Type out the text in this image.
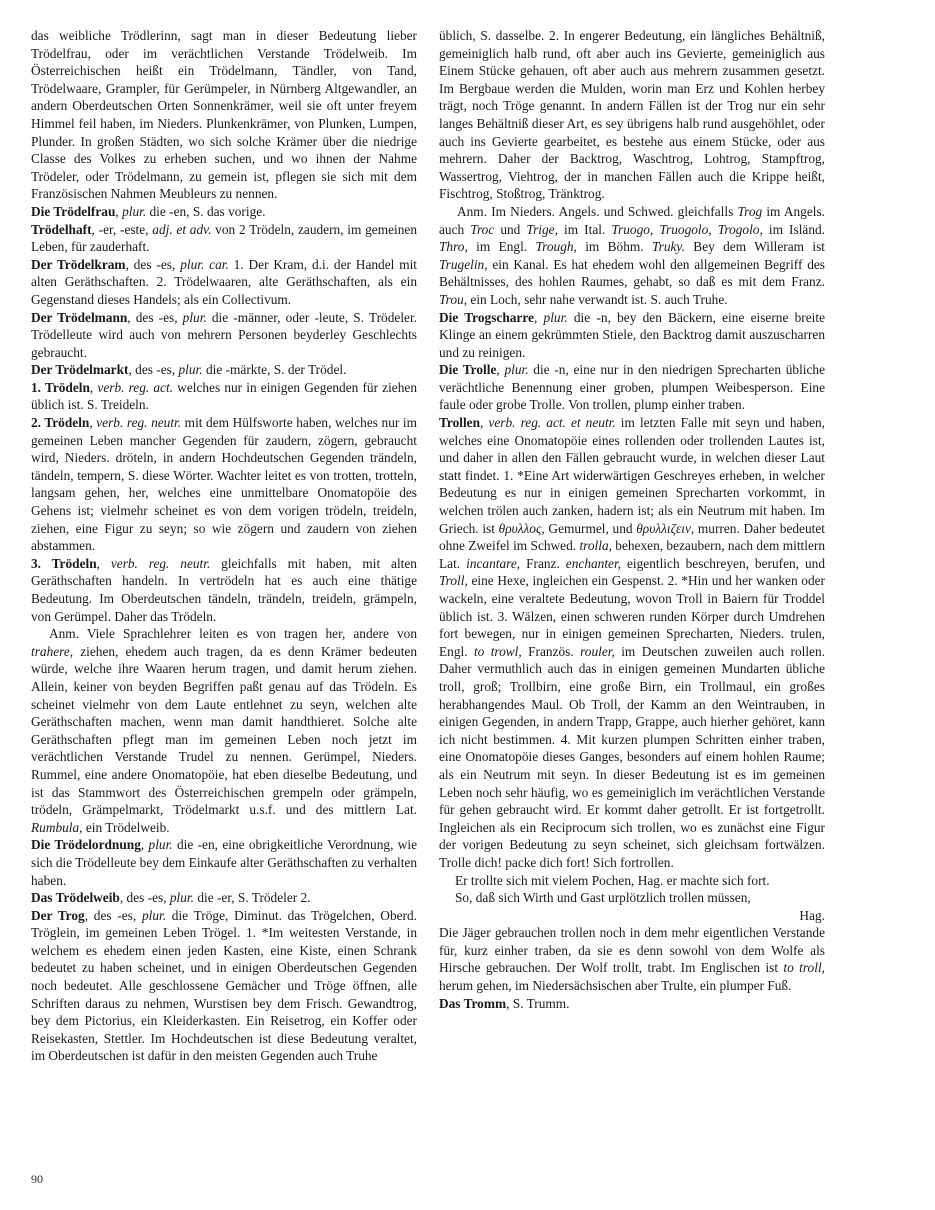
das weibliche Trödlerinn, sagt man in dieser Bedeutung lieber Trödelfrau, oder im verächtlichen Verstande Trödelweib. Im Österreichischen heißt ein Trödelmann, Tändler, von Tand, Trödelwaare, Grampler, für Gerümpeler, in Nürnberg Altgewandler, an andern Oberdeutschen Orten Sonnenkrämer, weil sie oft unter freyem Himmel feil haben, im Nieders. Plunkenkrämer, von Plunken, Lumpen, Plunder. In großen Städten, wo sich solche Krämer über die niedrige Classe des Volkes zu erheben suchen, und wo ihnen der Nahme Trödeler, oder Trödelmann, zu gemein ist, pflegen sie sich mit dem Französischen Nahmen Meubleurs zu nennen.

Die Trödelfrau, plur. die -en, S. das vorige.

Trödelhaft, -er, -este, adj. et adv. von 2 Trödeln, zaudern, im gemeinen Leben, für zauderhaft.

Der Trödelkram, des -es, plur. car. 1. Der Kram, d.i. der Handel mit alten Geräthschaften. 2. Trödelwaaren, alte Geräthschaften, als ein Gegenstand dieses Handels; als ein Collectivum.

Der Trödelmann, des -es, plur. die -männer, oder -leute, S. Trödeler. Trödelleute wird auch von mehrern Personen beyderley Geschlechts gebraucht.

Der Trödelmarkt, des -es, plur. die -märkte, S. der Trödel.

1. Trödeln, verb. reg. act. welches nur in einigen Gegenden für ziehen üblich ist. S. Treideln.

2. Trödeln, verb. reg. neutr. mit dem Hülfsworte haben, welches nur im gemeinen Leben mancher Gegenden für zaudern, zögern, gebraucht wird, Nieders. dröteln, in andern Hochdeutschen Gegenden trändeln, tändeln, tempern, S. diese Wörter. Wachter leitet es von trotten, trotteln, langsam gehen, her, welches eine unmittelbare Onomatopöie des Gehens ist; vielmehr scheinet es von dem vorigen trödeln, treideln, ziehen, eine Figur zu seyn; so wie zögern und zaudern von ziehen abstammen.

3. Trödeln, verb. reg. neutr. gleichfalls mit haben, mit alten Geräthschaften handeln. In vertrödeln hat es auch eine thätige Bedeutung. Im Oberdeutschen tändeln, trändeln, treideln, grämpeln, von Gerümpel. Daher das Trödeln.

Anm. Viele Sprachlehrer leiten es von tragen her, andere von trahere, ziehen, ehedem auch tragen, da es denn Krämer bedeuten würde, welche ihre Waaren herum tragen, und damit herum ziehen. Allein, keiner von beyden Begriffen paßt genau auf das Trödeln. Es scheinet vielmehr von dem Laute entlehnet zu seyn, welchen alte Geräthschaften machen, wenn man damit handthieret. Solche alte Geräthschaften pflegt man im gemeinen Leben noch jetzt im verächtlichen Verstande Trudel zu nennen. Gerümpel, Nieders. Rummel, eine andere Onomatopöie, hat eben dieselbe Bedeutung, und ist das Stammwort des Österreichischen grempeln oder grämpeln, trödeln, Grämpelmarkt, Trödelmarkt u.s.f. und des mittlern Lat. Rumbula, ein Trödelweib.

Die Trödelordnung, plur. die -en, eine obrigkeitliche Verordnung, wie sich die Trödelleute bey dem Einkaufe alter Geräthschaften zu verhalten haben.

Das Trödelweib, des -es, plur. die -er, S. Trödeler 2.

Der Trog, des -es, plur. die Tröge, Diminut. das Trögelchen, Oberd. Tröglein, im gemeinen Leben Trögel. 1. *Im weitesten Verstande, in welchem es ehedem einen jeden Kasten, eine Kiste, einen Schrank bedeutet zu haben scheinet, und in einigen Oberdeutschen Gegenden noch bedeutet. Alle geschlossene Gemächer und Tröge öffnen, alle Schriften daraus zu nehmen, Wurstisen bey dem Frisch. Gewandtrog, bey dem Pictorius, ein Kleiderkasten. Ein Reisetrog, ein Koffer oder Reisekasten, Stettler. Im Hochdeutschen ist diese Bedeutung veraltet, im Oberdeutschen ist dafür in den meisten Gegenden auch Truhe

üblich, S. dasselbe. 2. In engerer Bedeutung, ein längliches Behältniß, gemeiniglich halb rund, oft aber auch ins Gevierte, gemeiniglich aus Einem Stücke gehauen, oft aber auch aus mehrern zusammen gesetzt. Im Bergbaue werden die Mulden, worin man Erz und Kohlen herbey trägt, noch Tröge genannt. In andern Fällen ist der Trog nur ein sehr langes Behältniß dieser Art, es sey übrigens halb rund ausgehöhlet, oder auch ins Gevierte gearbeitet, es bestehe aus einem Stücke, oder aus mehrern. Daher der Backtrog, Waschtrog, Lohtrog, Stampftrog, Wassertrog, Viehtrog, der in manchen Fällen auch die Krippe heißt, Fischtrog, Stoßtrog, Tränktrog.

Anm. Im Nieders. Angels. und Schwed. gleichfalls Trog im Angels. auch Troc und Trige, im Ital. Truogo, Truogolo, Trogolo, im Isländ. Thro, im Engl. Trough, im Böhm. Truky. Bey dem Willeram ist Trugelin, ein Kanal. Es hat ehedem wohl den allgemeinen Begriff des Behältnisses, des hohlen Raumes, gehabt, so daß es mit dem Franz. Trou, ein Loch, sehr nahe verwandt ist. S. auch Truhe.

Die Trogscharre, plur. die -n, bey den Bäckern, eine eiserne breite Klinge an einem gekrümmten Stiele, den Backtrog damit auszuscharren und zu reinigen.

Die Trolle, plur. die -n, eine nur in den niedrigen Sprecharten übliche verächtliche Benennung einer groben, plumpen Weibesperson. Eine faule oder grobe Trolle. Von trollen, plump einher traben.

Trollen, verb. reg. act. et neutr. im letzten Falle mit seyn und haben, welches eine Onomatopöie eines rollenden oder trollenden Lautes ist, und daher in allen den Fällen gebraucht wurde, in welchen dieser Laut statt findet. 1. *Eine Art widerwärtigen Geschreyes erheben, in welcher Bedeutung es nur in einigen gemeinen Sprecharten vorkommt, in welchen trölen auch zanken, hadern ist; als ein Neutrum mit haben. Im Griech. ist θρυλλος, Gemurmel, und θρυλλιζειν, murren. Daher bedeutet ohne Zweifel im Schwed. trolla, behexen, bezaubern, nach dem mittlern Lat. incantare, Franz. enchanter, eigentlich beschreyen, berufen, und Troll, eine Hexe, ingleichen ein Gespenst. 2. *Hin und her wanken oder wackeln, eine veraltete Bedeutung, wovon Troll in Baiern für Troddel üblich ist. 3. Wälzen, einen schweren runden Körper durch Umdrehen fort bewegen, nur in einigen gemeinen Sprecharten, Nieders. trulen, Engl. to trowl, Französ. rouler, im Deutschen zuweilen auch rollen. Daher vermuthlich auch das in einigen gemeinen Mundarten übliche troll, groß; Trollbirn, eine große Birn, ein Trollmaul, ein großes herabhangendes Maul. Ob Troll, der Kamm an den Weintrauben, in einigen Gegenden, in andern Trapp, Grappe, auch hierher gehöret, kann ich nicht bestimmen. 4. Mit kurzen plumpen Schritten einher traben, eine Onomatopöie dieses Ganges, besonders auf einem hohlen Raume; als ein Neutrum mit seyn. In dieser Bedeutung ist es im gemeinen Leben noch sehr häufig, wo es gemeiniglich im verächtlichen Verstande für gehen gebraucht wird. Er kommt daher getrollt. Er ist fortgetrollt. Ingleichen als ein Reciprocum sich trollen, wo es zunächst eine Figur der vorigen Bedeutung zu seyn scheinet, sich gleichsam fortwälzen. Trolle dich! packe dich fort! Sich fortrollen.

Er trollte sich mit vielem Pochen, Hag. er machte sich fort.

So, daß sich Wirth und Gast urplötzlich trollen müssen,

Hag.

Die Jäger gebrauchen trollen noch in dem mehr eigentlichen Verstande für, kurz einher traben, da sie es denn sowohl von dem Wolfe als Hirsche gebrauchen. Der Wolf trollt, trabt. Im Englischen ist to troll, herum gehen, im Niedersächsischen aber Trulte, ein plumper Fuß.

Das Tromm, S. Trumm.

90
